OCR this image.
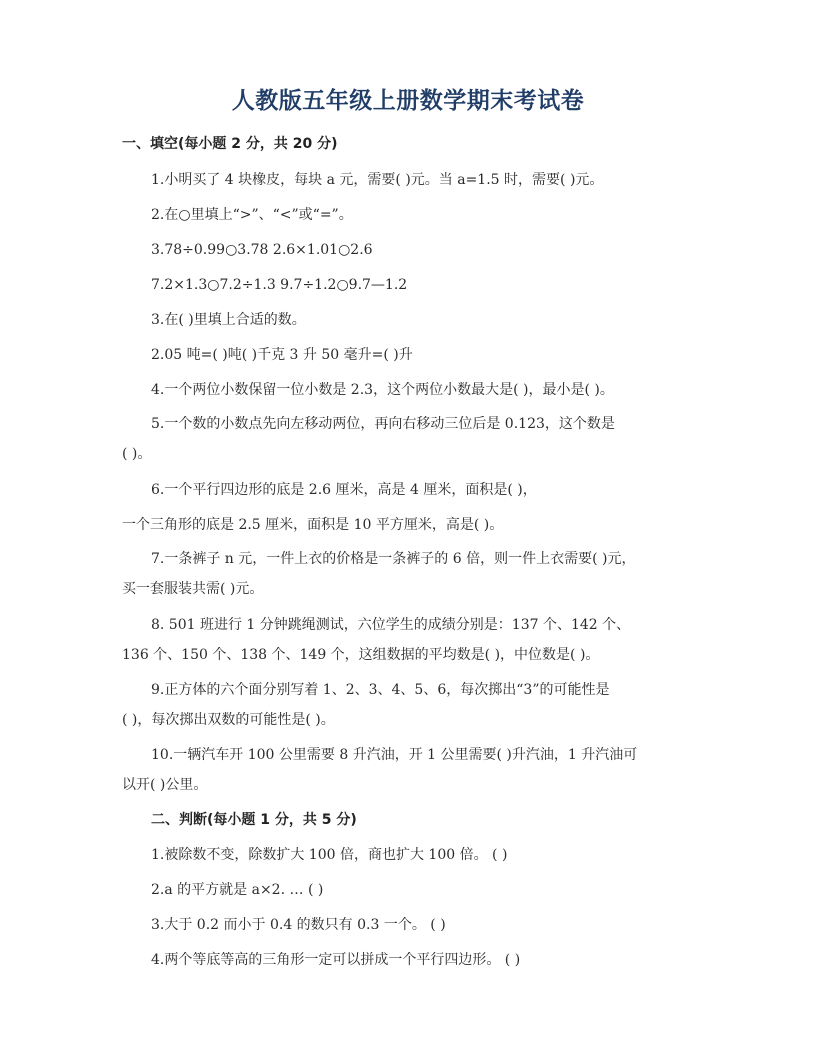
人教版五年级上册数学期末考试卷
一、填空(每小题 2 分，共 20 分)
1.小明买了 4 块橡皮，每块 a 元，需要( )元。当 a=1.5 时，需要( )元。
2.在○里填上“>”、“<”或“=”。
3.78÷0.99○3.78 2.6×1.01○2.6
7.2×1.3○7.2÷1.3 9.7÷1.2○9.7—1.2
3.在( )里填上合适的数。
2.05 吨=( )吨( )千克 3 升 50 毫升=( )升
4.一个两位小数保留一位小数是 2.3，这个两位小数最大是( )，最小是( )。
5.一个数的小数点先向左移动两位，再向右移动三位后是 0.123，这个数是
( )。
6.一个平行四边形的底是 2.6 厘米，高是 4 厘米，面积是( )，
一个三角形的底是 2.5 厘米，面积是 10 平方厘米，高是( )。
7.一条裤子 n 元，一件上衣的价格是一条裤子的 6 倍，则一件上衣需要( )元，
买一套服装共需( )元。
8. 501 班进行 1 分钟跳绳测试，六位学生的成绩分别是：137 个、142 个、
136 个、150 个、138 个、149 个，这组数据的平均数是( )，中位数是( )。
9.正方体的六个面分别写着 1、2、3、4、5、6，每次掷出“3”的可能性是
( )，每次掷出双数的可能性是( )。
10.一辆汽车开 100 公里需要 8 升汽油，开 1 公里需要( )升汽油，1 升汽油可
以开( )公里。
二、判断(每小题 1 分，共 5 分)
1.被除数不变，除数扩大 100 倍，商也扩大 100 倍。 ( )
2.a 的平方就是 a×2. … ( )
3.大于 0.2 而小于 0.4 的数只有 0.3 一个。 ( )
4.两个等底等高的三角形一定可以拼成一个平行四边形。 ( )
